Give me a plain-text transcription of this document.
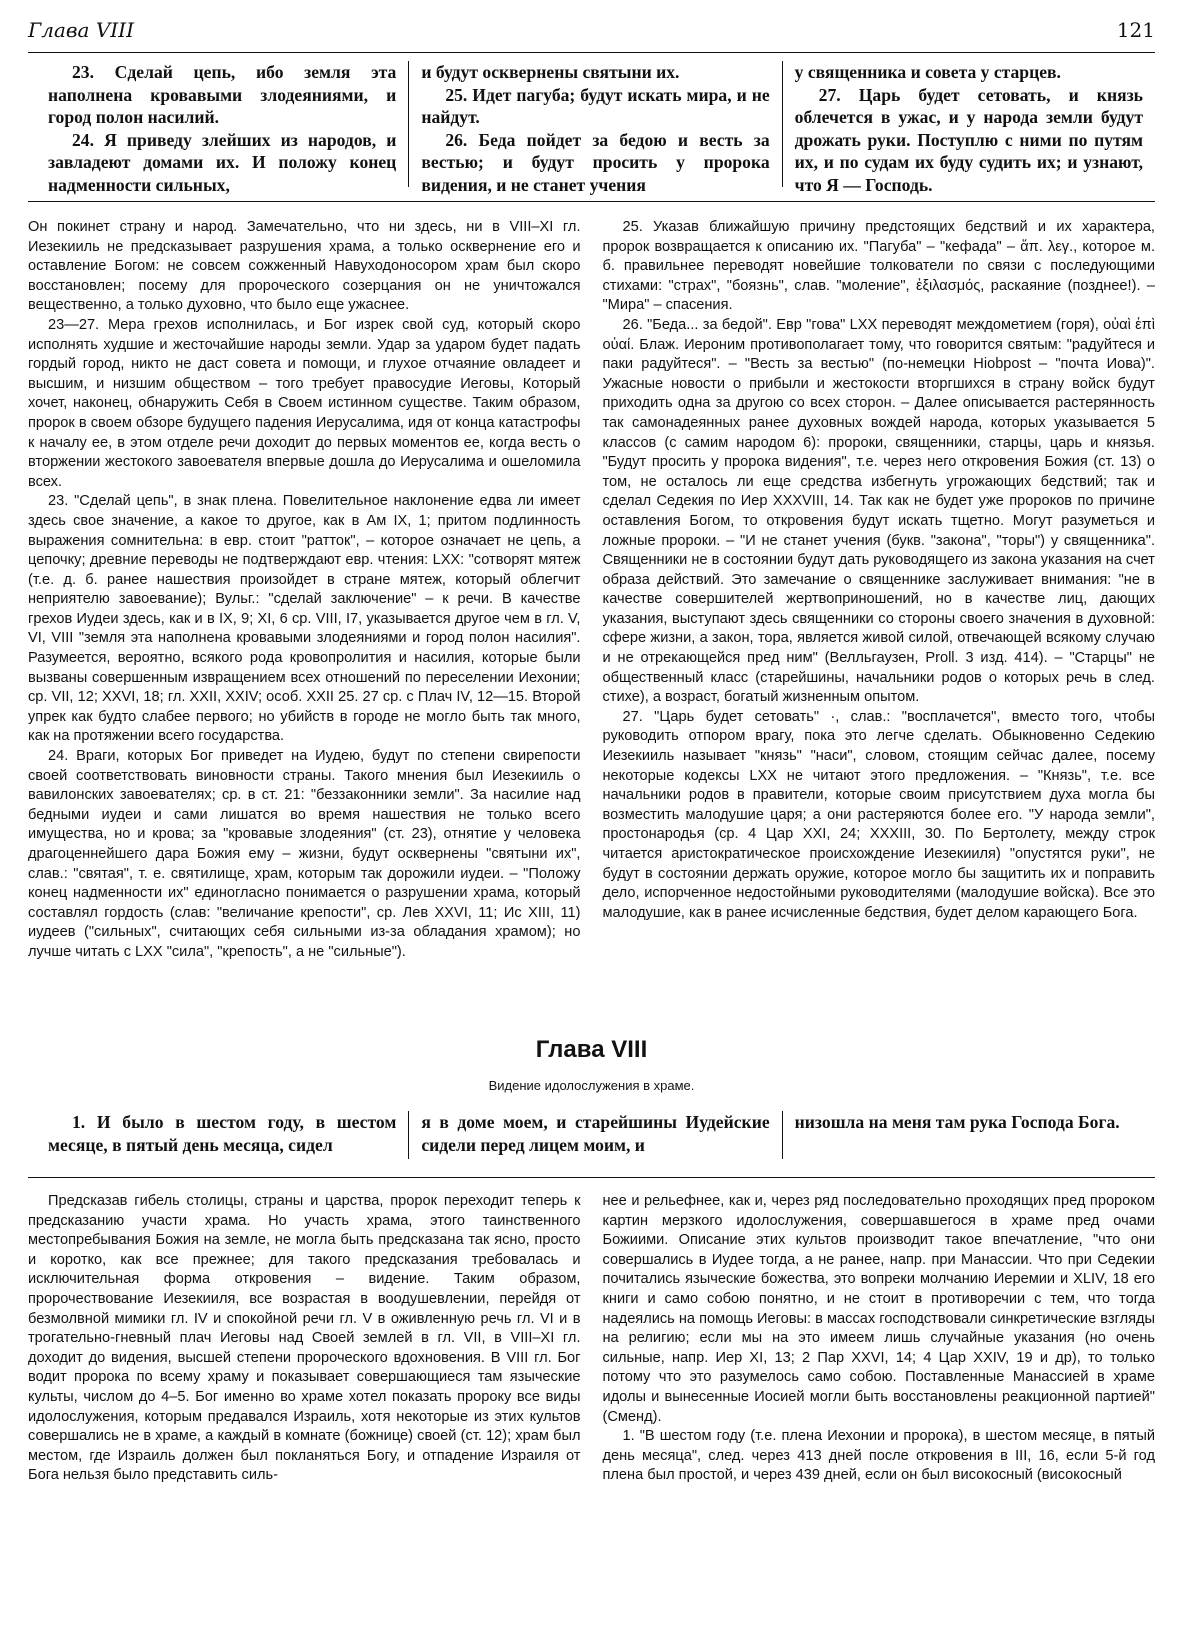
Глава VIII	121

23. Сделай цепь, ибо земля эта наполнена кровавыми злодеяниями, и город полон насилий.

24. Я приведу злейших из народов, и завладеют домами их. И положу конец надменности сильных,

и будут осквернены святыни их.

25. Идет пагуба; будут искать мира, и не найдут.

26. Беда пойдет за бедою и весть за вестью; и будут просить у пророка видения, и не станет учения

у священника и совета у старцев.

27. Царь будет сетовать, и князь облечется в ужас, и у народа земли будут дрожать руки. Поступлю с ними по путям их, и по судам их буду судить их; и узнают, что Я — Господь.

Он покинет страну и народ. Замечательно, что ни здесь, ни в VIII–XI гл. Иезекииль не предсказывает разрушения храма, а только осквернение его и оставление Богом: не совсем сожженный Навуходоносором храм был скоро восстановлен; посему для пророческого созерцания он не уничтожался вещественно, а только духовно, что было еще ужаснее.

23—27. Мера грехов исполнилась, и Бог изрек свой суд, который скоро исполнять худшие и жесточайшие народы земли. Удар за ударом будет падать гордый город, никто не даст совета и помощи, и глухое отчаяние овладеет и высшим, и низшим обществом – того требует правосудие Иеговы, Который хочет, наконец, обнаружить Себя в Своем истинном существе. Таким образом, пророк в своем обзоре будущего падения Иерусалима, идя от конца катастрофы к началу ее, в этом отделе речи доходит до первых моментов ее, когда весть о вторжении жестокого завоевателя впервые дошла до Иерусалима и ошеломила всех.

23. "Сделай цепь", в знак плена. Повелительное наклонение едва ли имеет здесь свое значение, а какое то другое, как в Ам IX, 1; притом подлинность выражения сомнительна: в евр. стоит "ратток", – которое означает не цепь, а цепочку; древние переводы не подтверждают евр. чтения: LXX: "сотворят мятеж (т.е. д. б. ранее нашествия произойдет в стране мятеж, который облегчит неприятелю завоевание); Вульг.: "сделай заключение" – к речи. В качестве грехов Иудеи здесь, как и в IX, 9; XI, 6 ср. VIII, I7, указывается другое чем в гл. V, VI, VIII "земля эта наполнена кровавыми злодеяниями и город полон насилия". Разумеется, вероятно, всякого рода кровопролития и насилия, которые были вызваны совершенным извращением всех отношений по переселении Иехонии; ср. VII, 12; XXVI, 18; гл. XXII, XXIV; особ. XXII 25. 27 ср. с Плач IV, 12—15. Второй упрек как будто слабее первого; но убийств в городе не могло быть так много, как на протяжении всего государства.

24. Враги, которых Бог приведет на Иудею, будут по степени свирепости своей соответствовать виновности страны. Такого мнения был Иезекииль о вавилонских завоевателях; ср. в ст. 21: "беззаконники земли". За насилие над бедными иудеи и сами лишатся во время нашествия не только всего имущества, но и крова; за "кровавые злодеяния" (ст. 23), отнятие у человека драгоценнейшего дара Божия ему – жизни, будут осквернены "святыни их", слав.: "святая", т. е. святилище, храм, которым так дорожили иудеи. – "Положу конец надменности их" единогласно понимается о разрушении храма, который составлял гордость (слав: "величание крепости", ср. Лев XXVI, 11; Ис XIII, 11) иудеев ("сильных", считающих себя сильными из-за обладания храмом); но лучше читать с LXX "сила", "крепость", а не "сильные").

25. Указав ближайшую причину предстоящих бедствий и их характера, пророк возвращается к описанию их. "Пагуба" – "кефада" – ἅπ. λεγ., которое м. б. правильнее переводят новейшие толкователи по связи с последующими стихами: "страх", "боязнь", слав. "моление", ἐξιλασμός, раскаяние (позднее!). – "Мира" – спасения.

26. "Беда... за бедой". Евр "гова" LXX переводят междометием (горя), οὐαὶ ἐπὶ οὐαί. Блаж. Иероним противополагает тому, что говорится святым: "радуйтеся и паки радуйтеся". – "Весть за вестью" (по-немецки Hiobpost – "почта Иова)". Ужасные новости о прибыли и жестокости вторгшихся в страну войск будут приходить одна за другою со всех сторон. – Далее описывается растерянность так самонадеянных ранее духовных вождей народа, которых указывается 5 классов (с самим народом 6): пророки, священники, старцы, царь и князья. "Будут просить у пророка видения", т.е. через него откровения Божия (ст. 13) о том, не осталось ли еще средства избегнуть угрожающих бедствий; так и сделал Седекия по Иер XXXVIII, 14. Так как не будет уже пророков по причине оставления Богом, то откровения будут искать тщетно. Могут разуметься и ложные пророки. – "И не станет учения (букв. "закона", "торы") у священника". Священники не в состоянии будут дать руководящего из закона указания на счет образа действий. Это замечание о священнике заслуживает внимания: "не в качестве совершителей жертвоприношений, но в качестве лиц, дающих указания, выступают здесь священники со стороны своего значения в духовной: сфере жизни, а закон, тора, является живой силой, отвечающей всякому случаю и не отрекающейся пред ним" (Велльгаузен, Proll. 3 изд. 414). – "Старцы" не общественный класс (старейшины, начальники родов о которых речь в след. стихе), а возраст, богатый жизненным опытом.

27. "Царь будет сетовать" ·, слав.: "восплачется", вместо того, чтобы руководить отпором врагу, пока это легче сделать. Обыкновенно Седекию Иезекииль называет "князь" "наси", словом, стоящим сейчас далее, посему некоторые кодексы LXX не читают этого предложения. – "Князь", т.е. все начальники родов в правители, которые своим присутствием духа могла бы возместить малодушие царя; а они растеряются более его. "У народа земли", простонародья (ср. 4 Цар XXI, 24; XXXIII, 30. По Бертолету, между строк читается аристократическое происхождение Иезекииля) "опустятся руки", не будут в состоянии держать оружие, которое могло бы защитить их и поправить дело, испорченное недостойными руководителями (малодушие войска). Все это малодушие, как в ранее исчисленные бедствия, будет делом карающего Бога.

Глава VIII

Видение идолослужения в храме.

1. И было в шестом году, в шестом месяце, в пятый день месяца, сидел

я в доме моем, и старейшины Иудейские сидели перед лицем моим, и

низошла на меня там рука Господа Бога.

Предсказав гибель столицы, страны и царства, пророк переходит теперь к предсказанию участи храма. Но участь храма, этого таинственного местопребывания Божия на земле, не могла быть предсказана так ясно, просто и коротко, как все прежнее; для такого предсказания требовалась и исключительная форма откровения – видение. Таким образом, пророчествование Иезекииля, все возрастая в воодушевлении, перейдя от безмолвной мимики гл. IV и спокойной речи гл. V в оживленную речь гл. VI и в трогательно-гневный плач Иеговы над Своей землей в гл. VII, в VIII–XI гл. доходит до видения, высшей степени пророческого вдохновения. В VIII гл. Бог водит пророка по всему храму и показывает совершающиеся там языческие культы, числом до 4–5. Бог именно во храме хотел показать пророку все виды идолослужения, которым предавался Израиль, хотя некоторые из этих культов совершались не в храме, а каждый в комнате (божнице) своей (ст. 12); храм был местом, где Израиль должен был покланяться Богу, и отпадение Израиля от Бога нельзя было представить силь-

нее и рельефнее, как и, через ряд последовательно проходящих пред пророком картин мерзкого идолослужения, совершавшегося в храме пред очами Божиими. Описание этих культов производит такое впечатление, "что они совершались в Иудее тогда, а не ранее, напр. при Манассии. Что при Седекии почитались языческие божества, это вопреки молчанию Иеремии и XLIV, 18 его книги и само собою понятно, и не стоит в противоречии с тем, что тогда надеялись на помощь Иеговы: в массах господствовали синкретические взгляды на религию; если мы на это имеем лишь случайные указания (но очень сильные, напр. Иер XI, 13; 2 Пар XXVI, 14; 4 Цар XXIV, 19 и др), то только потому что это разумелось само собою. Поставленные Манассией в храме идолы и вынесенные Иосией могли быть восстановлены реакционной партией" (Сменд).

1. "В шестом году (т.е. плена Иехонии и пророка), в шестом месяце, в пятый день месяца", след. через 413 дней после откровения в III, 16, если 5-й год плена был простой, и через 439 дней, если он был високосный (високосный
